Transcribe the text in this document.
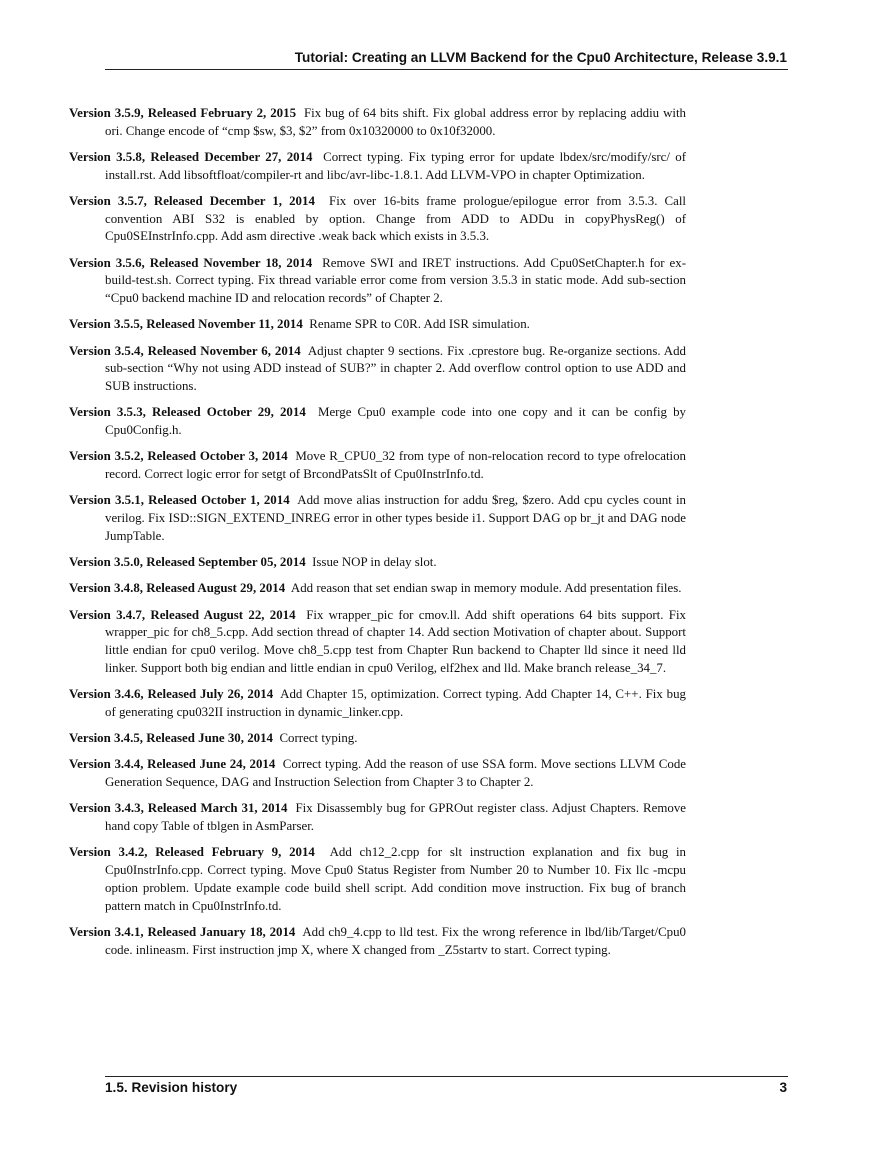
Tutorial: Creating an LLVM Backend for the Cpu0 Architecture, Release 3.9.1

Version 3.5.9, Released February 2, 2015 Fix bug of 64 bits shift. Fix global address error by replacing addiu with ori. Change encode of “cmp $sw, $3, $2” from 0x10320000 to 0x10f32000.

Version 3.5.8, Released December 27, 2014 Correct typing. Fix typing error for update lbdex/src/modify/src/ of install.rst. Add libsoftfloat/compiler-rt and libc/avr-libc-1.8.1. Add LLVM-VPO in chapter Optimization.

Version 3.5.7, Released December 1, 2014 Fix over 16-bits frame prologue/epilogue error from 3.5.3. Call convention ABI S32 is enabled by option. Change from ADD to ADDu in copyPhysReg() of Cpu0SEInstrInfo.cpp. Add asm directive .weak back which exists in 3.5.3.

Version 3.5.6, Released November 18, 2014 Remove SWI and IRET instructions. Add Cpu0SetChapter.h for ex-build-test.sh. Correct typing. Fix thread variable error come from version 3.5.3 in static mode. Add sub-section “Cpu0 backend machine ID and relocation records” of Chapter 2.

Version 3.5.5, Released November 11, 2014 Rename SPR to C0R. Add ISR simulation.

Version 3.5.4, Released November 6, 2014 Adjust chapter 9 sections. Fix .cprestore bug. Re-organize sections. Add sub-section “Why not using ADD instead of SUB?” in chapter 2. Add overflow control option to use ADD and SUB instructions.

Version 3.5.3, Released October 29, 2014 Merge Cpu0 example code into one copy and it can be config by Cpu0Config.h.

Version 3.5.2, Released October 3, 2014 Move R_CPU0_32 from type of non-relocation record to type ofrelocation record. Correct logic error for setgt of BrcondPatsSlt of Cpu0InstrInfo.td.

Version 3.5.1, Released October 1, 2014 Add move alias instruction for addu $reg, $zero. Add cpu cycles count in verilog. Fix ISD::SIGN_EXTEND_INREG error in other types beside i1. Support DAG op br_jt and DAG node JumpTable.

Version 3.5.0, Released September 05, 2014 Issue NOP in delay slot.

Version 3.4.8, Released August 29, 2014 Add reason that set endian swap in memory module. Add presentation files.

Version 3.4.7, Released August 22, 2014 Fix wrapper_pic for cmov.ll. Add shift operations 64 bits support. Fix wrapper_pic for ch8_5.cpp. Add section thread of chapter 14. Add section Motivation of chapter about. Support little endian for cpu0 verilog. Move ch8_5.cpp test from Chapter Run backend to Chapter lld since it need lld linker. Support both big endian and little endian in cpu0 Verilog, elf2hex and lld. Make branch release_34_7.

Version 3.4.6, Released July 26, 2014 Add Chapter 15, optimization. Correct typing. Add Chapter 14, C++. Fix bug of generating cpu032II instruction in dynamic_linker.cpp.

Version 3.4.5, Released June 30, 2014 Correct typing.

Version 3.4.4, Released June 24, 2014 Correct typing. Add the reason of use SSA form. Move sections LLVM Code Generation Sequence, DAG and Instruction Selection from Chapter 3 to Chapter 2.

Version 3.4.3, Released March 31, 2014 Fix Disassembly bug for GPROut register class. Adjust Chapters. Remove hand copy Table of tblgen in AsmParser.

Version 3.4.2, Released February 9, 2014 Add ch12_2.cpp for slt instruction explanation and fix bug in Cpu0InstrInfo.cpp. Correct typing. Move Cpu0 Status Register from Number 20 to Number 10. Fix llc -mcpu option problem. Update example code build shell script. Add condition move instruction. Fix bug of branch pattern match in Cpu0InstrInfo.td.

Version 3.4.1, Released January 18, 2014 Add ch9_4.cpp to lld test. Fix the wrong reference in lbd/lib/Target/Cpu0 code. inlineasm. First instruction jmp X, where X changed from _Z5startv to start. Correct typing.

1.5. Revision history	3
